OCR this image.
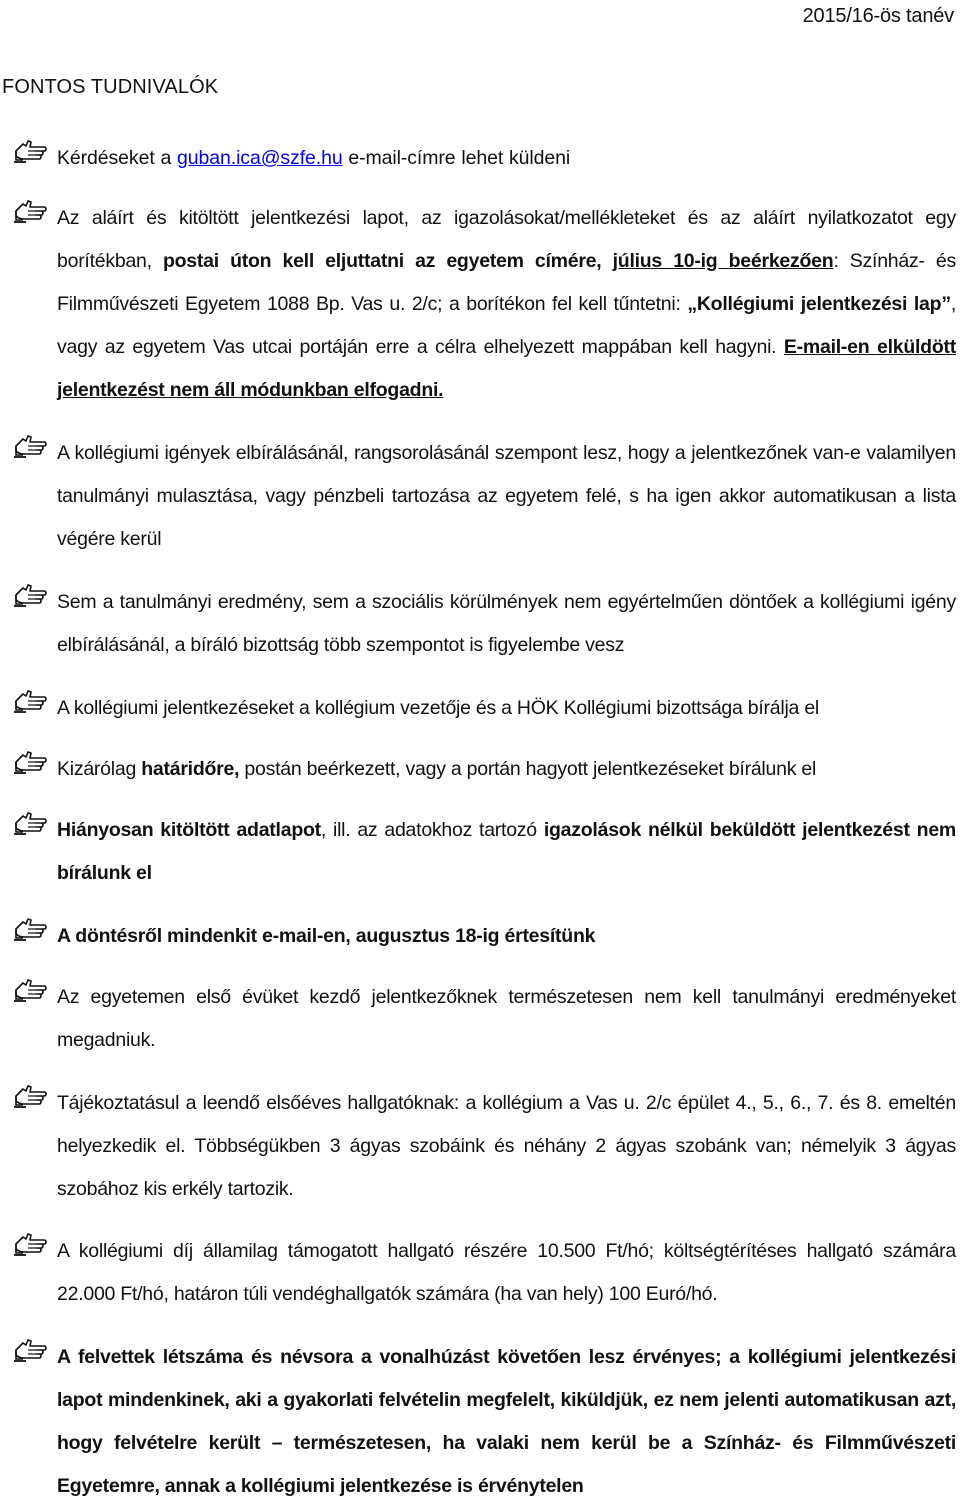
2015/16-ös tanév
FONTOS TUDNIVALÓK
Kérdéseket a guban.ica@szfe.hu e-mail-címre lehet küldeni
Az aláírt és kitöltött jelentkezési lapot, az igazolásokat/mellékleteket és az aláírt nyilatkozatot egy borítékban, postai úton kell eljuttatni az egyetem címére, július 10-ig beérkezően: Színház- és Filmművészeti Egyetem 1088 Bp. Vas u. 2/c; a borítékon fel kell tűntetni: „Kollégiumi jelentkezési lap”, vagy az egyetem Vas utcai portáján erre a célra elhelyezett mappában kell hagyni. E-mail-en elküldött jelentkezést nem áll módunkban elfogadni.
A kollégiumi igények elbírálásánál, rangsorolásánál szempont lesz, hogy a jelentkezőnek van-e valamilyen tanulmányi mulasztása, vagy pénzbeli tartozása az egyetem felé, s ha igen akkor automatikusan a lista végére kerül
Sem a tanulmányi eredmény, sem a szociális körülmények nem egyértelműen döntőek a kollégiumi igény elbírálásánál, a bíráló bizottság több szempontot is figyelembe vesz
A kollégiumi jelentkezéseket a kollégium vezetője és a HÖK Kollégiumi bizottsága bírálja el
Kizárólag határidőre, postán beérkezett, vagy a portán hagyott jelentkezéseket bírálunk el
Hiányosan kitöltött adatlapot, ill. az adatokhoz tartozó igazolások nélkül beküldött jelentkezést nem bírálunk el
A döntésről mindenkit e-mail-en, augusztus 18-ig értesítünk
Az egyetemen első évüket kezdő jelentkezőknek természetesen nem kell tanulmányi eredményeket megadniuk.
Tájékoztatásul a leendő elsőéves hallgatóknak: a kollégium a Vas u. 2/c épület 4., 5., 6., 7. és 8. emeltén helyezkedik el. Többségükben 3 ágyas szobáink és néhány 2 ágyas szobánk van; némelyik 3 ágyas szobához kis erkély tartozik.
A kollégiumi díj államilag támogatott hallgató részére 10.500 Ft/hó; költségtérítéses hallgató számára 22.000 Ft/hó, határon túli vendéghallgatók számára (ha van hely) 100 Euró/hó.
A felvettek létszáma és névsora a vonalhúzást követően lesz érvényes; a kollégiumi jelentkezési lapot mindenkinek, aki a gyakorlati felvételin megfelelt, kiküldjük, ez nem jelenti automatikusan azt, hogy felvételre került – természetesen, ha valaki nem kerül be a Színház- és Filmművészeti Egyetemre, annak a kollégiumi jelentkezése is érvénytelen
